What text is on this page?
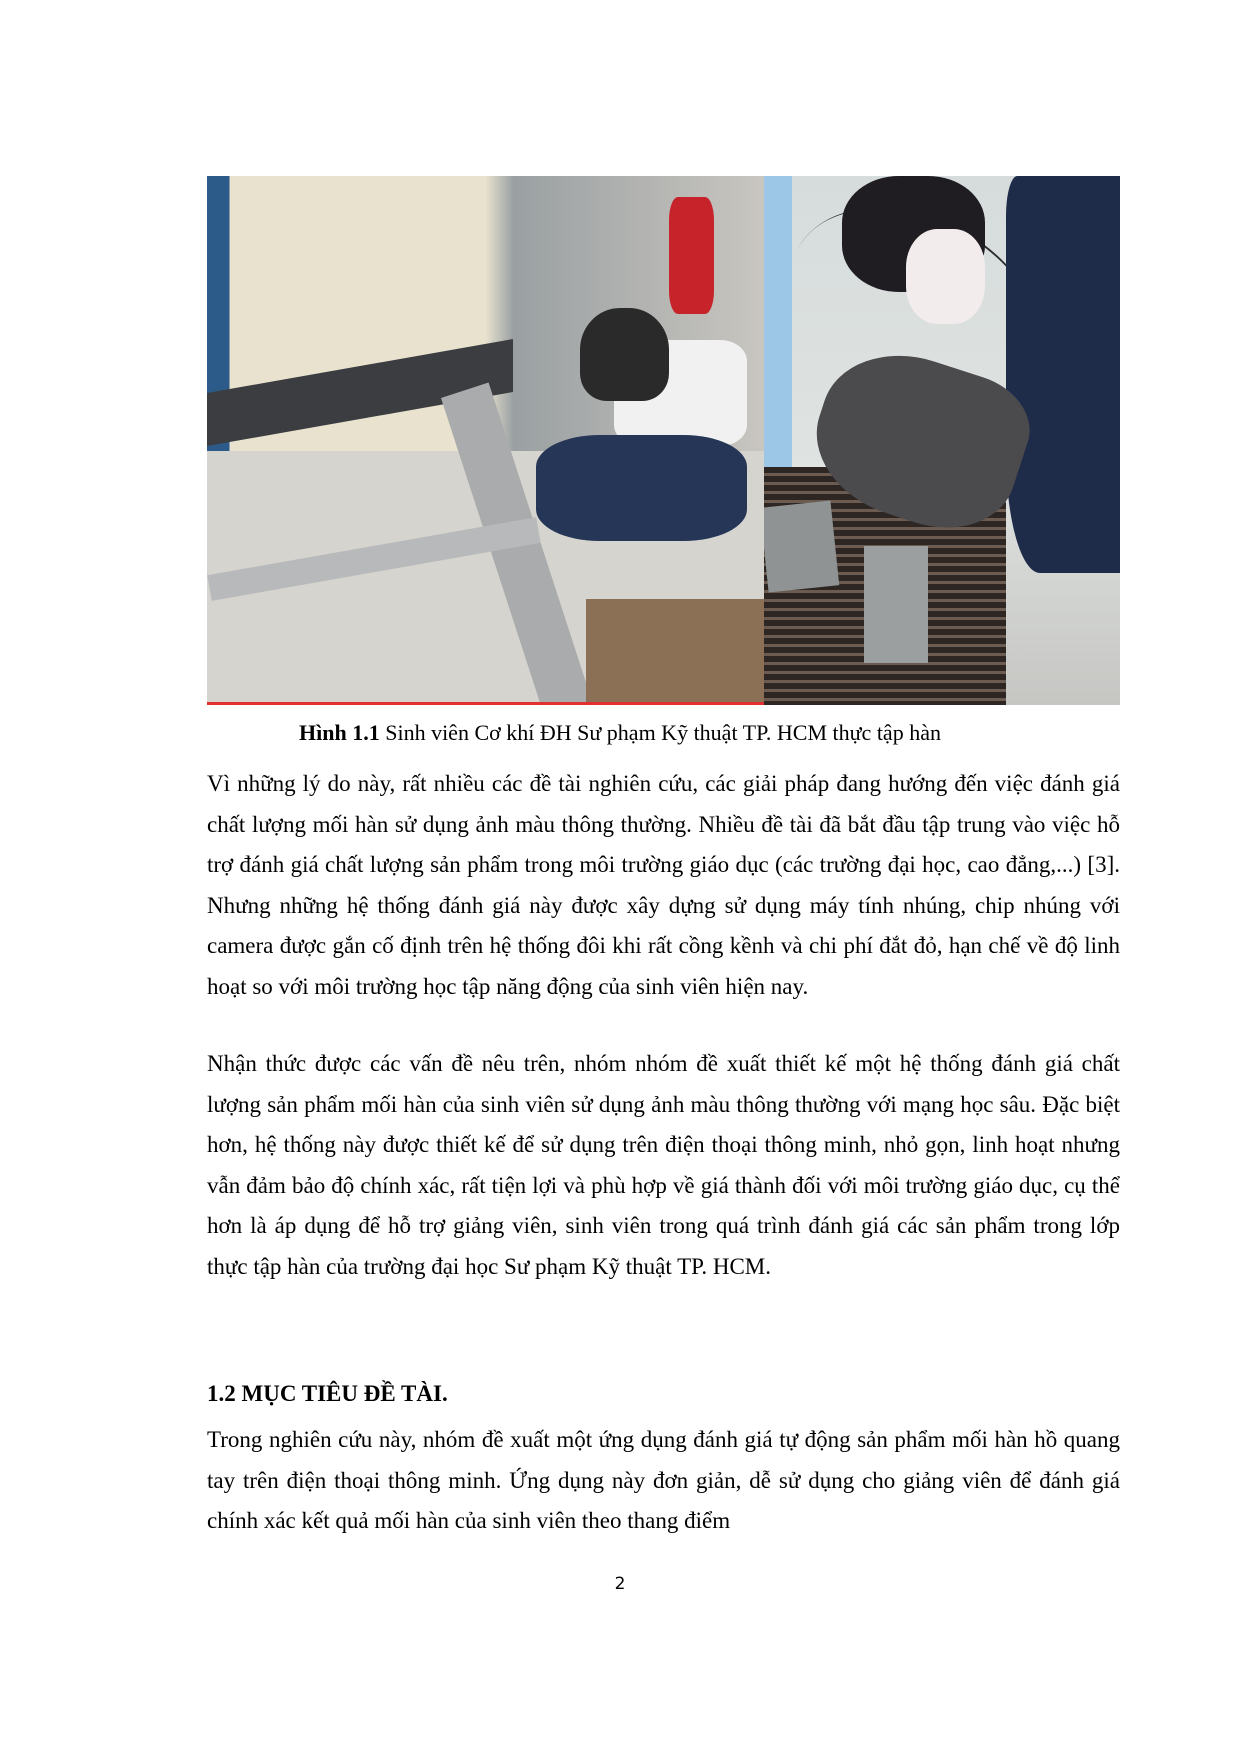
Hình 1.1 Sinh viên Cơ khí ĐH Sư phạm Kỹ thuật TP. HCM thực tập hàn

Vì những lý do này, rất nhiều các đề tài nghiên cứu, các giải pháp đang hướng đến việc đánh giá chất lượng mối hàn sử dụng ảnh màu thông thường. Nhiều đề tài đã bắt đầu tập trung vào việc hỗ trợ đánh giá chất lượng sản phẩm trong môi trường giáo dục (các trường đại học, cao đẳng,...) [3]. Nhưng những hệ thống đánh giá này được xây dựng sử dụng máy tính nhúng, chip nhúng với camera được gắn cố định trên hệ thống đôi khi rất cồng kềnh và chi phí đắt đỏ, hạn chế về độ linh hoạt so với môi trường học tập năng động của sinh viên hiện nay.

Nhận thức được các vấn đề nêu trên, nhóm nhóm đề xuất thiết kế một hệ thống đánh giá chất lượng sản phẩm mối hàn của sinh viên sử dụng ảnh màu thông thường với mạng học sâu. Đặc biệt hơn, hệ thống này được thiết kế để sử dụng trên điện thoại thông minh, nhỏ gọn, linh hoạt nhưng vẫn đảm bảo độ chính xác, rất tiện lợi và phù hợp về giá thành đối với môi trường giáo dục, cụ thể hơn là áp dụng để hỗ trợ giảng viên, sinh viên trong quá trình đánh giá các sản phẩm trong lớp thực tập hàn của trường đại học Sư phạm Kỹ thuật TP. HCM.

1.2 MỤC TIÊU ĐỀ TÀI.

Trong nghiên cứu này, nhóm đề xuất một ứng dụng đánh giá tự động sản phẩm mối hàn hồ quang tay trên điện thoại thông minh. Ứng dụng này đơn giản, dễ sử dụng cho giảng viên để đánh giá chính xác kết quả mối hàn của sinh viên theo thang điểm

2
